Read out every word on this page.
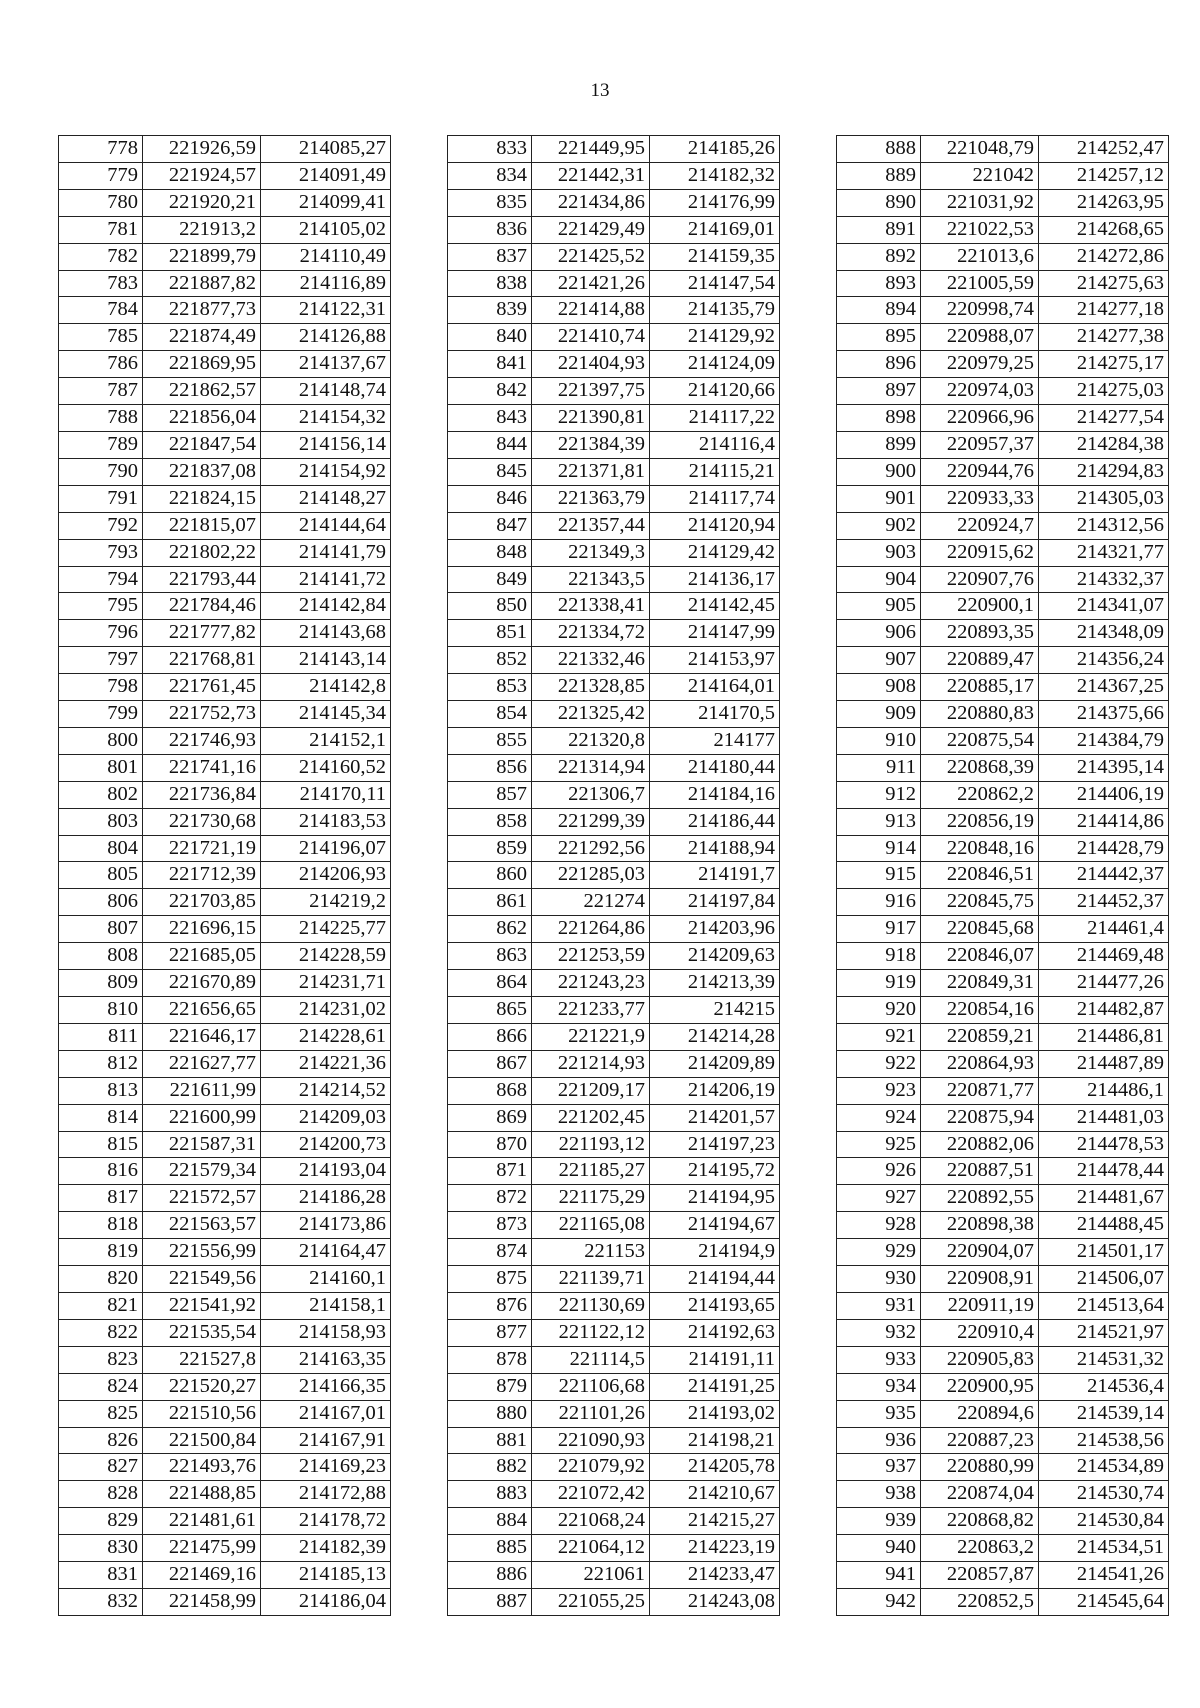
13
778	221926,59	214085,27
779	221924,57	214091,49
780	221920,21	214099,41
781	221913,2	214105,02
782	221899,79	214110,49
783	221887,82	214116,89
784	221877,73	214122,31
785	221874,49	214126,88
786	221869,95	214137,67
787	221862,57	214148,74
788	221856,04	214154,32
789	221847,54	214156,14
790	221837,08	214154,92
791	221824,15	214148,27
792	221815,07	214144,64
793	221802,22	214141,79
794	221793,44	214141,72
795	221784,46	214142,84
796	221777,82	214143,68
797	221768,81	214143,14
798	221761,45	214142,8
799	221752,73	214145,34
800	221746,93	214152,1
801	221741,16	214160,52
802	221736,84	214170,11
803	221730,68	214183,53
804	221721,19	214196,07
805	221712,39	214206,93
806	221703,85	214219,2
807	221696,15	214225,77
808	221685,05	214228,59
809	221670,89	214231,71
810	221656,65	214231,02
811	221646,17	214228,61
812	221627,77	214221,36
813	221611,99	214214,52
814	221600,99	214209,03
815	221587,31	214200,73
816	221579,34	214193,04
817	221572,57	214186,28
818	221563,57	214173,86
819	221556,99	214164,47
820	221549,56	214160,1
821	221541,92	214158,1
822	221535,54	214158,93
823	221527,8	214163,35
824	221520,27	214166,35
825	221510,56	214167,01
826	221500,84	214167,91
827	221493,76	214169,23
828	221488,85	214172,88
829	221481,61	214178,72
830	221475,99	214182,39
831	221469,16	214185,13
832	221458,99	214186,04
833	221449,95	214185,26
834	221442,31	214182,32
835	221434,86	214176,99
836	221429,49	214169,01
837	221425,52	214159,35
838	221421,26	214147,54
839	221414,88	214135,79
840	221410,74	214129,92
841	221404,93	214124,09
842	221397,75	214120,66
843	221390,81	214117,22
844	221384,39	214116,4
845	221371,81	214115,21
846	221363,79	214117,74
847	221357,44	214120,94
848	221349,3	214129,42
849	221343,5	214136,17
850	221338,41	214142,45
851	221334,72	214147,99
852	221332,46	214153,97
853	221328,85	214164,01
854	221325,42	214170,5
855	221320,8	214177
856	221314,94	214180,44
857	221306,7	214184,16
858	221299,39	214186,44
859	221292,56	214188,94
860	221285,03	214191,7
861	221274	214197,84
862	221264,86	214203,96
863	221253,59	214209,63
864	221243,23	214213,39
865	221233,77	214215
866	221221,9	214214,28
867	221214,93	214209,89
868	221209,17	214206,19
869	221202,45	214201,57
870	221193,12	214197,23
871	221185,27	214195,72
872	221175,29	214194,95
873	221165,08	214194,67
874	221153	214194,9
875	221139,71	214194,44
876	221130,69	214193,65
877	221122,12	214192,63
878	221114,5	214191,11
879	221106,68	214191,25
880	221101,26	214193,02
881	221090,93	214198,21
882	221079,92	214205,78
883	221072,42	214210,67
884	221068,24	214215,27
885	221064,12	214223,19
886	221061	214233,47
887	221055,25	214243,08
888	221048,79	214252,47
889	221042	214257,12
890	221031,92	214263,95
891	221022,53	214268,65
892	221013,6	214272,86
893	221005,59	214275,63
894	220998,74	214277,18
895	220988,07	214277,38
896	220979,25	214275,17
897	220974,03	214275,03
898	220966,96	214277,54
899	220957,37	214284,38
900	220944,76	214294,83
901	220933,33	214305,03
902	220924,7	214312,56
903	220915,62	214321,77
904	220907,76	214332,37
905	220900,1	214341,07
906	220893,35	214348,09
907	220889,47	214356,24
908	220885,17	214367,25
909	220880,83	214375,66
910	220875,54	214384,79
911	220868,39	214395,14
912	220862,2	214406,19
913	220856,19	214414,86
914	220848,16	214428,79
915	220846,51	214442,37
916	220845,75	214452,37
917	220845,68	214461,4
918	220846,07	214469,48
919	220849,31	214477,26
920	220854,16	214482,87
921	220859,21	214486,81
922	220864,93	214487,89
923	220871,77	214486,1
924	220875,94	214481,03
925	220882,06	214478,53
926	220887,51	214478,44
927	220892,55	214481,67
928	220898,38	214488,45
929	220904,07	214501,17
930	220908,91	214506,07
931	220911,19	214513,64
932	220910,4	214521,97
933	220905,83	214531,32
934	220900,95	214536,4
935	220894,6	214539,14
936	220887,23	214538,56
937	220880,99	214534,89
938	220874,04	214530,74
939	220868,82	214530,84
940	220863,2	214534,51
941	220857,87	214541,26
942	220852,5	214545,64
